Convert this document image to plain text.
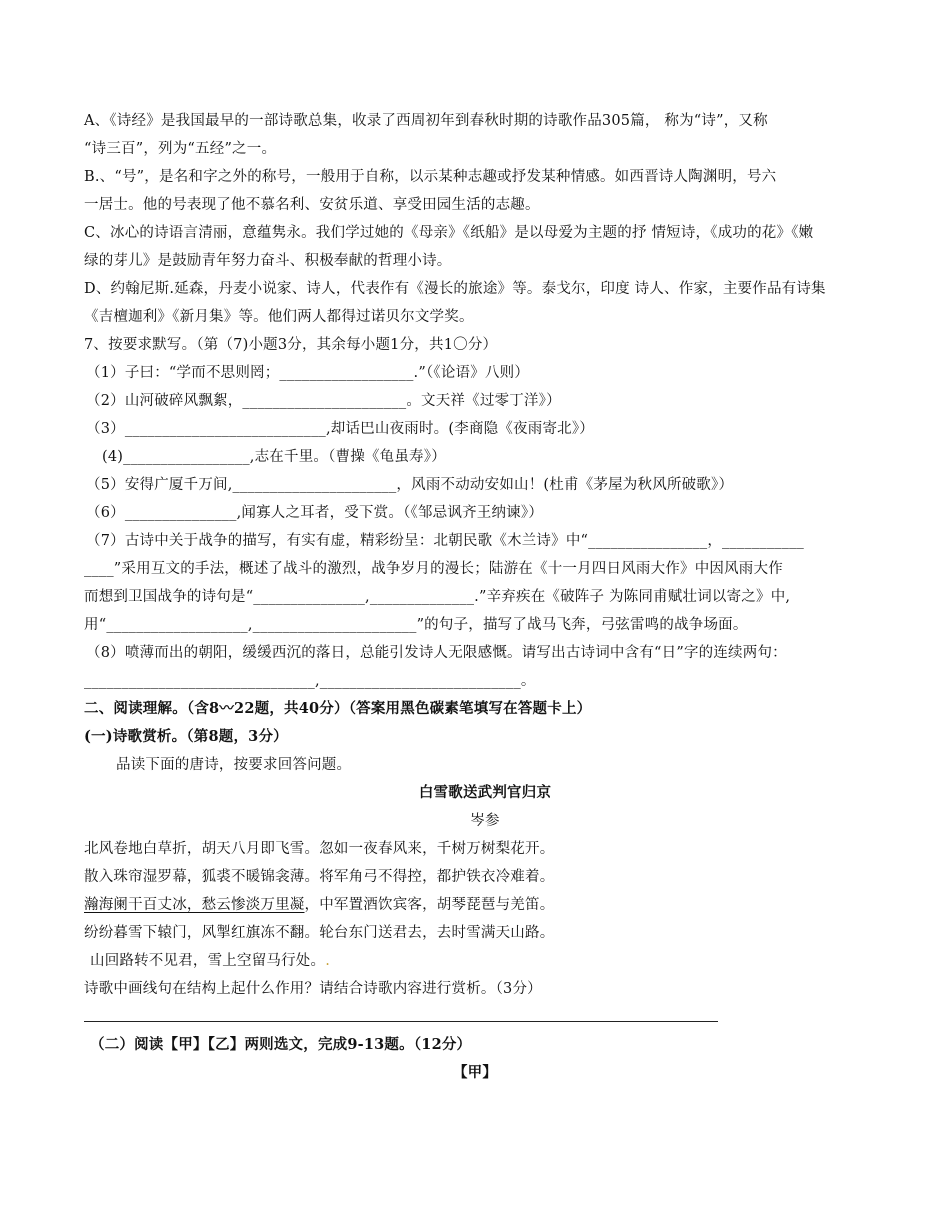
A、《诗经》是我国最早的一部诗歌总集，收录了西周初年到春秋时期的诗歌作品305篇， 称为“诗”，又称
“诗三百”，列为“五经”之一。
B.、“号”，是名和字之外的称号，一般用于自称，以示某种志趣或抒发某种情感。如西晋诗人陶渊明，号六
一居士。他的号表现了他不慕名利、安贫乐道、享受田园生活的志趣。
C、冰心的诗语言清丽，意蕴隽永。我们学过她的《母亲》《纸船》是以母爱为主题的抒 情短诗，《成功的花》《嫩
绿的芽儿》是鼓励青年努力奋斗、积极奉献的哲理小诗。
D、约翰尼斯.延森，丹麦小说家、诗人，代表作有《漫长的旅途》等。泰戈尔，印度 诗人、作家，主要作品有诗集
《吉檀迦利》《新月集》等。他们两人都得过诺贝尔文学奖。
7、按要求默写。（第（7)小题3分，其余每小题1分，共1〇分）
（1）子曰：“学而不思则罔；__________________.”（《论语》八则）
（2）山河破碎风飘絮，______________________。文天祥《过零丁洋》）
（3）___________________________,却话巴山夜雨时。(李商隐《夜雨寄北》）
(4)_________________,志在千里。（曹操《龟虽寿》）
（5）安得广厦千万间,______________________，风雨不动动安如山！(杜甫《茅屋为秋风所破歌》）
（6）_______________,闻寡人之耳者，受下赏。（《邹忌讽齐王纳谏》）
（7）古诗中关于战争的描写，有实有虚，精彩纷呈：北朝民歌《木兰诗》中“________________，___________
____”采用互文的手法，概述了战斗的激烈，战争岁月的漫长；陆游在《十一月四日风雨大作》中因风雨大作
而想到卫国战争的诗句是“_______________,______________.”辛弃疾在《破阵子 为陈同甫赋壮词以寄之》中,
用“___________________,______________________”的句子，描写了战马飞奔，弓弦雷鸣的战争场面。
（8）喷薄而出的朝阳，缓缓西沉的落日，总能引发诗人无限感慨。请写出古诗词中含有“日”字的连续两句：
_______________________________,___________________________。
二、阅读理解。（含8〰22题，共40分）（答案用黑色碳素笔填写在答题卡上）
(一)诗歌赏析。（第8题，3分）
品读下面的唐诗，按要求回答问题。
白雪歌送武判官归京
岑参
北风卷地白草折，胡天八月即飞雪。忽如一夜春风来，千树万树梨花开。
散入珠帘湿罗幕，狐裘不暖锦衾薄。将军角弓不得控，都护铁衣冷难着。
瀚海阑干百丈冰，愁云惨淡万里凝，中军置酒饮宾客，胡琴琵琶与羌笛。
纷纷暮雪下辕门，风掣红旗冻不翻。轮台东门送君去，去时雪满天山路。
山回路转不见君，雪上空留马行处。.
诗歌中画线句在结构上起什么作用？请结合诗歌内容进行赏析。（3分）
（二）阅读【甲】【乙】两则选文，完成9-13题。（12分）
【甲】
